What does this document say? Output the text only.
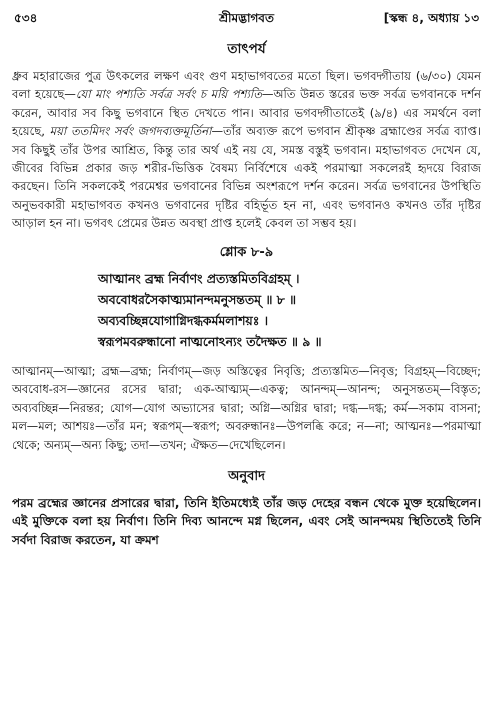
৫৩৪	শ্রীমদ্ভাগবত	[স্কন্ধ ৪, অধ্যায় ১৩
তাৎপর্য

ধ্রুব মহারাজের পুত্র উৎকলের লক্ষণ এবং গুণ মহাভাগবতের মতো ছিল। ভগবদ্গীতায় (৬/৩০) যেমন বলা হয়েছে—যো মাং পশ্যতি সর্বত্র সর্বং চ ময়ি পশ্যতি—অতি উন্নত স্তরের ভক্ত সর্বত্র ভগবানকে দর্শন করেন, আবার সব কিছু ভগবানে স্থিত দেখতে পান। আবার ভগবদ্গীতাতেই (৯/৪) এর সমর্থনে বলা হয়েছে, ময়া ততমিদং সর্বং জগদব্যক্তমূর্তিনা—তাঁর অব্যক্ত রূপে ভগবান শ্রীকৃষ্ণ ব্রহ্মাণ্ডের সর্বত্র ব্যাপ্ত। সব কিছুই তাঁর উপর আশ্রিত, কিন্তু তার অর্থ এই নয় যে, সমস্ত বস্তুই ভগবান। মহাভাগবত দেখেন যে, জীবের বিভিন্ন প্রকার জড় শরীর-ভিত্তিক বৈষম্য নির্বিশেষে একই পরমাত্মা সকলেরই হৃদয়ে বিরাজ করছেন। তিনি সকলকেই পরমেশ্বর ভগবানের বিভিন্ন অংশরূপে দর্শন করেন। সর্বত্র ভগবানের উপস্থিতি অনুভবকারী মহাভাগবত কখনও ভগবানের দৃষ্টির বহির্ভূত হন না, এবং ভগবানও কখনও তাঁর দৃষ্টির আড়াল হন না। ভগবৎ প্রেমের উন্নত অবস্থা প্রাপ্ত হলেই কেবল তা সম্ভব হয়।

শ্লোক ৮-৯
আত্মানং ব্রহ্ম নির্বাণং প্রত্যস্তমিতবিগ্রহম্ ।
অববোধরসৈকাত্ম্যমানন্দমনুসন্ততম্ ॥ ৮ ॥
অব্যবচ্ছিন্নযোগাগ্নিদগ্ধকর্মমলাশয়ঃ ।
স্বরূপমবরুন্ধানো নাত্মনোঽন্যং তদৈক্ষত ॥ ৯ ॥
আত্মানম্—আত্মা; ব্রহ্ম—ব্রহ্ম; নির্বাণম্—জড় অস্তিত্বের নিবৃত্তি; প্রত্যস্তমিত—নিবৃত্ত; বিগ্রহম্—বিচ্ছেদ; অববোধ-রস—জ্ঞানের রসের দ্বারা; এক-আত্ম্যম্—একত্ব; আনন্দম্—আনন্দ; অনুসন্ততম্—বিস্তৃত; অব্যবচ্ছিন্ন—নিরন্তর; যোগ—যোগ অভ্যাসের দ্বারা; অগ্নি—অগ্নির দ্বারা; দগ্ধ—দগ্ধ; কর্ম—সকাম বাসনা; মল—মল; আশয়ঃ—তাঁর মন; স্বরূপম্—স্বরূপ; অবরুন্ধানঃ—উপলব্ধি করে; ন—না; আত্মনঃ—পরমাত্মা থেকে; অন্যম্—অন্য কিছু; তদা—তখন; ঐক্ষত—দেখেছিলেন।
অনুবাদ

পরম ব্রহ্মের জ্ঞানের প্রসারের দ্বারা, তিনি ইতিমধ্যেই তাঁর জড় দেহের বন্ধন থেকে মুক্ত হয়েছিলেন। এই মুক্তিকে বলা হয় নির্বাণ। তিনি দিব্য আনন্দে মগ্ন ছিলেন, এবং সেই আনন্দময় স্থিতিতেই তিনি সর্বদা বিরাজ করতেন, যা ক্রমশ
